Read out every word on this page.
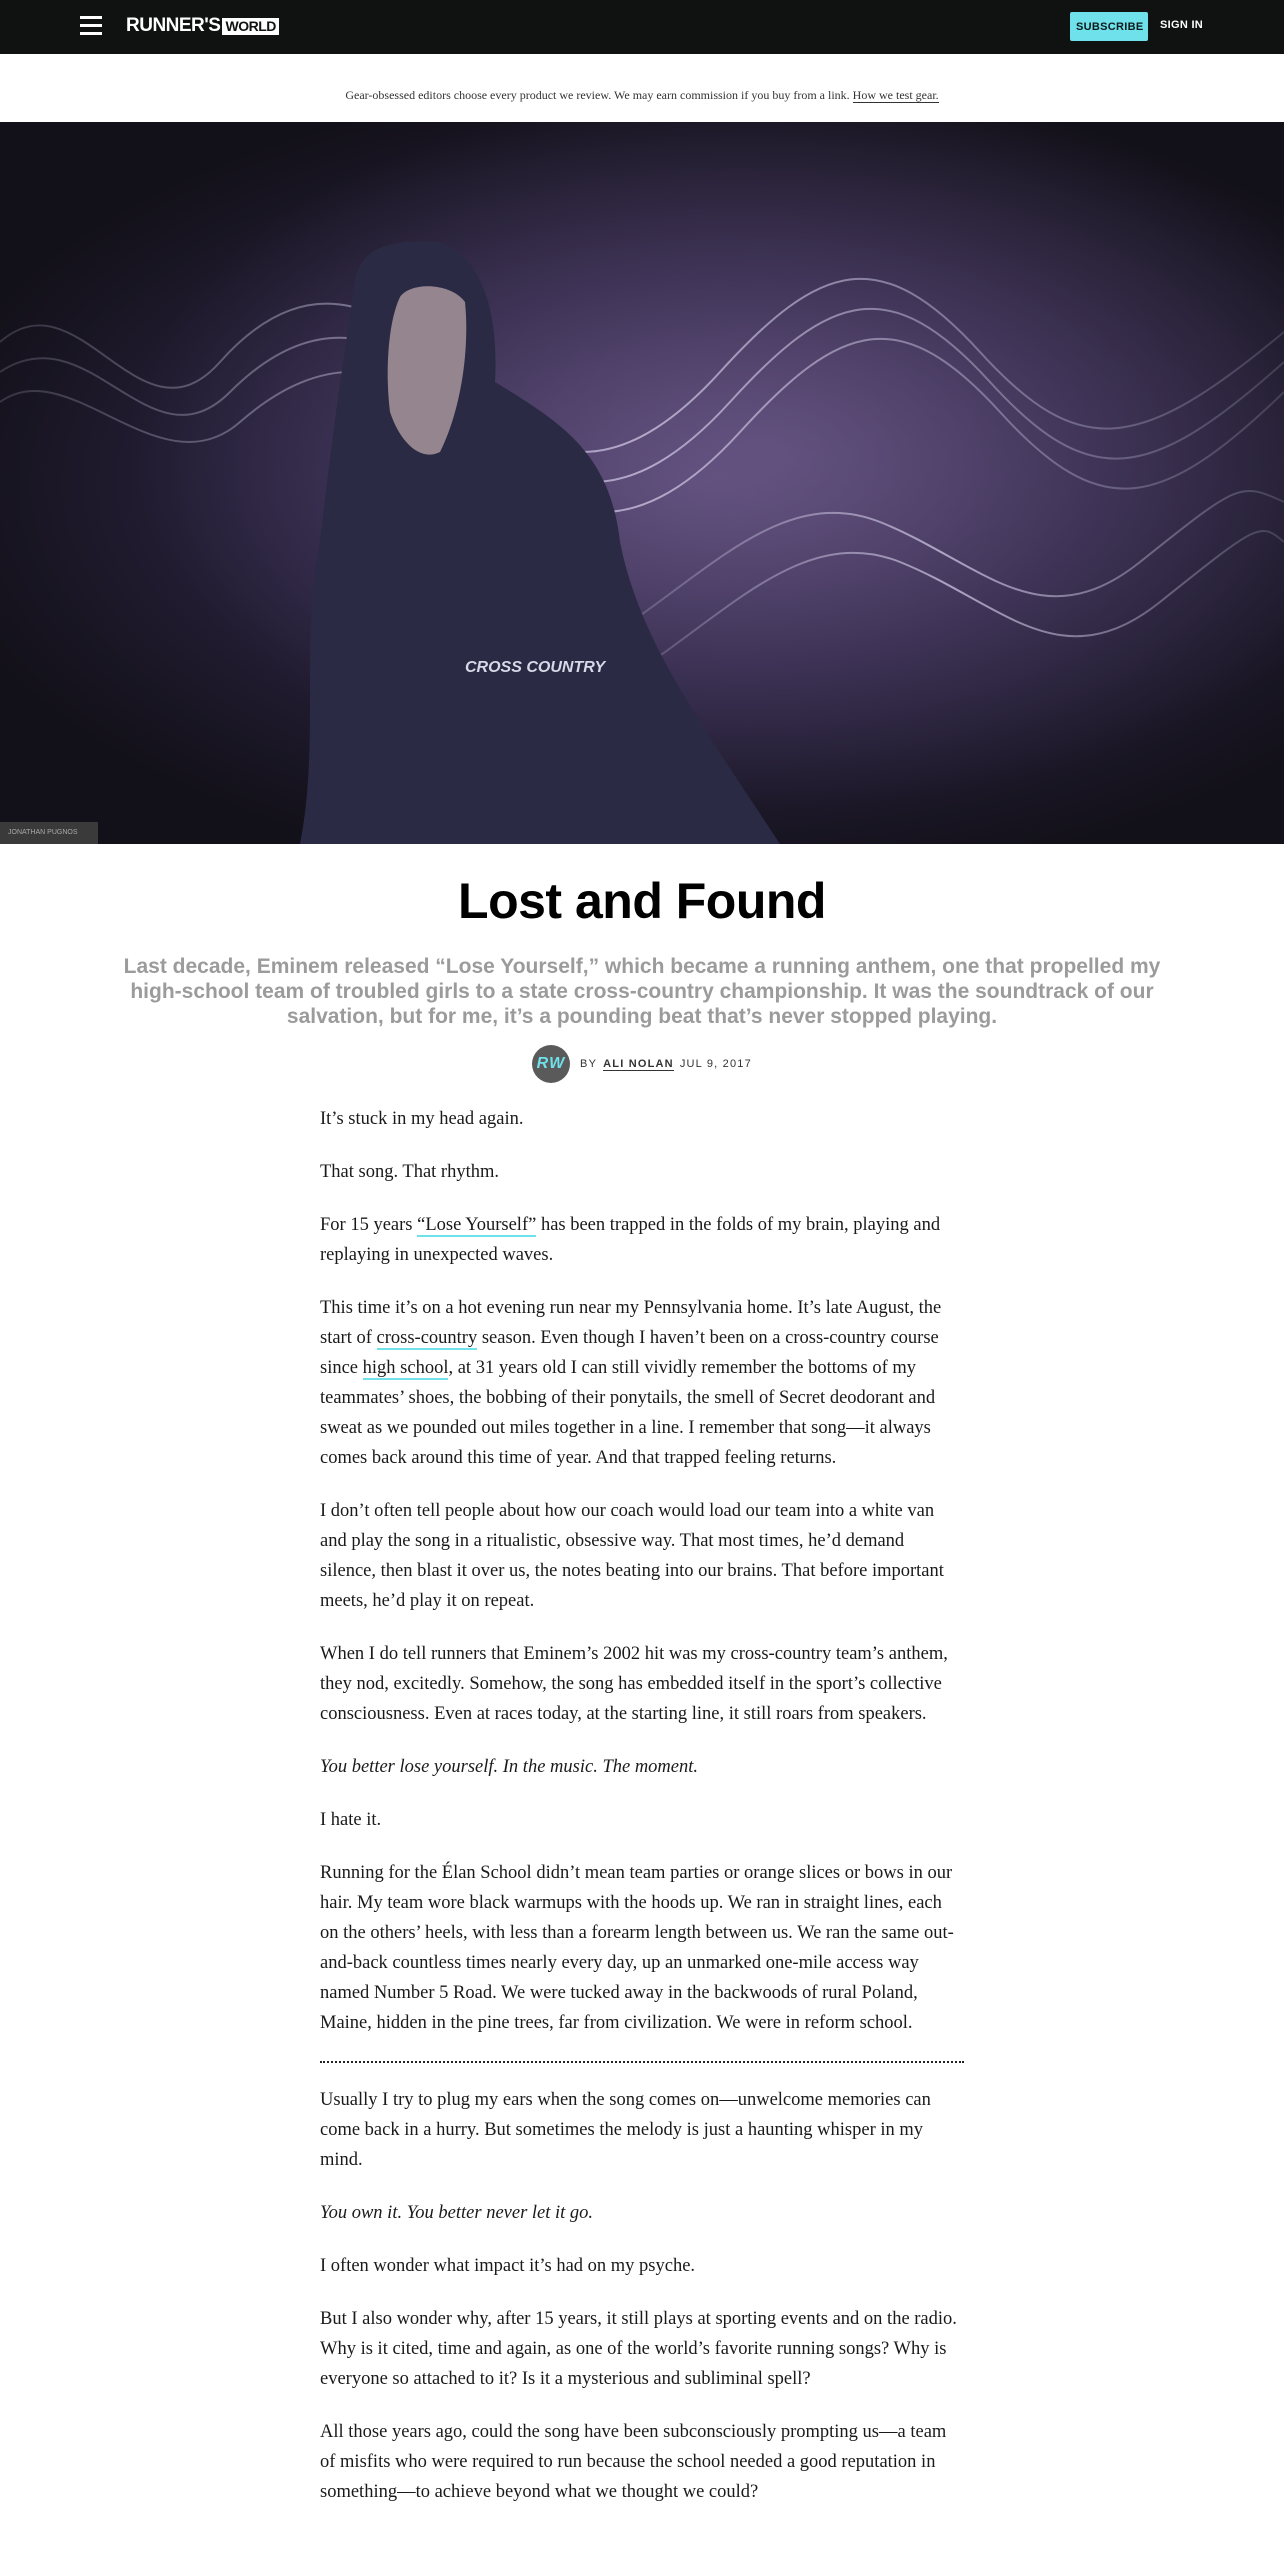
RUNNER'S WORLD	SUBSCRIBE	SIGN IN
Gear-obsessed editors choose every product we review. We may earn commission if you buy from a link. How we test gear.
CROSS COUNTRY
JONATHAN PUGNOS
Lost and Found

Last decade, Eminem released “Lose Yourself,” which became a running anthem, one that propelled my high-school team of troubled girls to a state cross-country championship. It was the soundtrack of our salvation, but for me, it’s a pounding beat that’s never stopped playing.

RW	BY ALI NOLAN JUL 9, 2017

It’s stuck in my head again.

That song. That rhythm.

For 15 years “Lose Yourself” has been trapped in the folds of my brain, playing and replaying in unexpected waves.

This time it’s on a hot evening run near my Pennsylvania home. It’s late August, the start of cross-country season. Even though I haven’t been on a cross-country course since high school, at 31 years old I can still vividly remember the bottoms of my teammates’ shoes, the bobbing of their ponytails, the smell of Secret deodorant and sweat as we pounded out miles together in a line. I remember that song—it always comes back around this time of year. And that trapped feeling returns.

I don’t often tell people about how our coach would load our team into a white van and play the song in a ritualistic, obsessive way. That most times, he’d demand silence, then blast it over us, the notes beating into our brains. That before important meets, he’d play it on repeat.

When I do tell runners that Eminem’s 2002 hit was my cross-country team’s anthem, they nod, excitedly. Somehow, the song has embedded itself in the sport’s collective consciousness. Even at races today, at the starting line, it still roars from speakers.

You better lose yourself. In the music. The moment.

I hate it.

Running for the Élan School didn’t mean team parties or orange slices or bows in our hair. My team wore black warmups with the hoods up. We ran in straight lines, each on the others’ heels, with less than a forearm length between us. We ran the same out-and-back countless times nearly every day, up an unmarked one-mile access way named Number 5 Road. We were tucked away in the backwoods of rural Poland, Maine, hidden in the pine trees, far from civilization. We were in reform school.

Usually I try to plug my ears when the song comes on—unwelcome memories can come back in a hurry. But sometimes the melody is just a haunting whisper in my mind.

You own it. You better never let it go.

I often wonder what impact it’s had on my psyche.

But I also wonder why, after 15 years, it still plays at sporting events and on the radio. Why is it cited, time and again, as one of the world’s favorite running songs? Why is everyone so attached to it? Is it a mysterious and subliminal spell?

All those years ago, could the song have been subconsciously prompting us—a team of misfits who were required to run because the school needed a good reputation in something—to achieve beyond what we thought we could?
